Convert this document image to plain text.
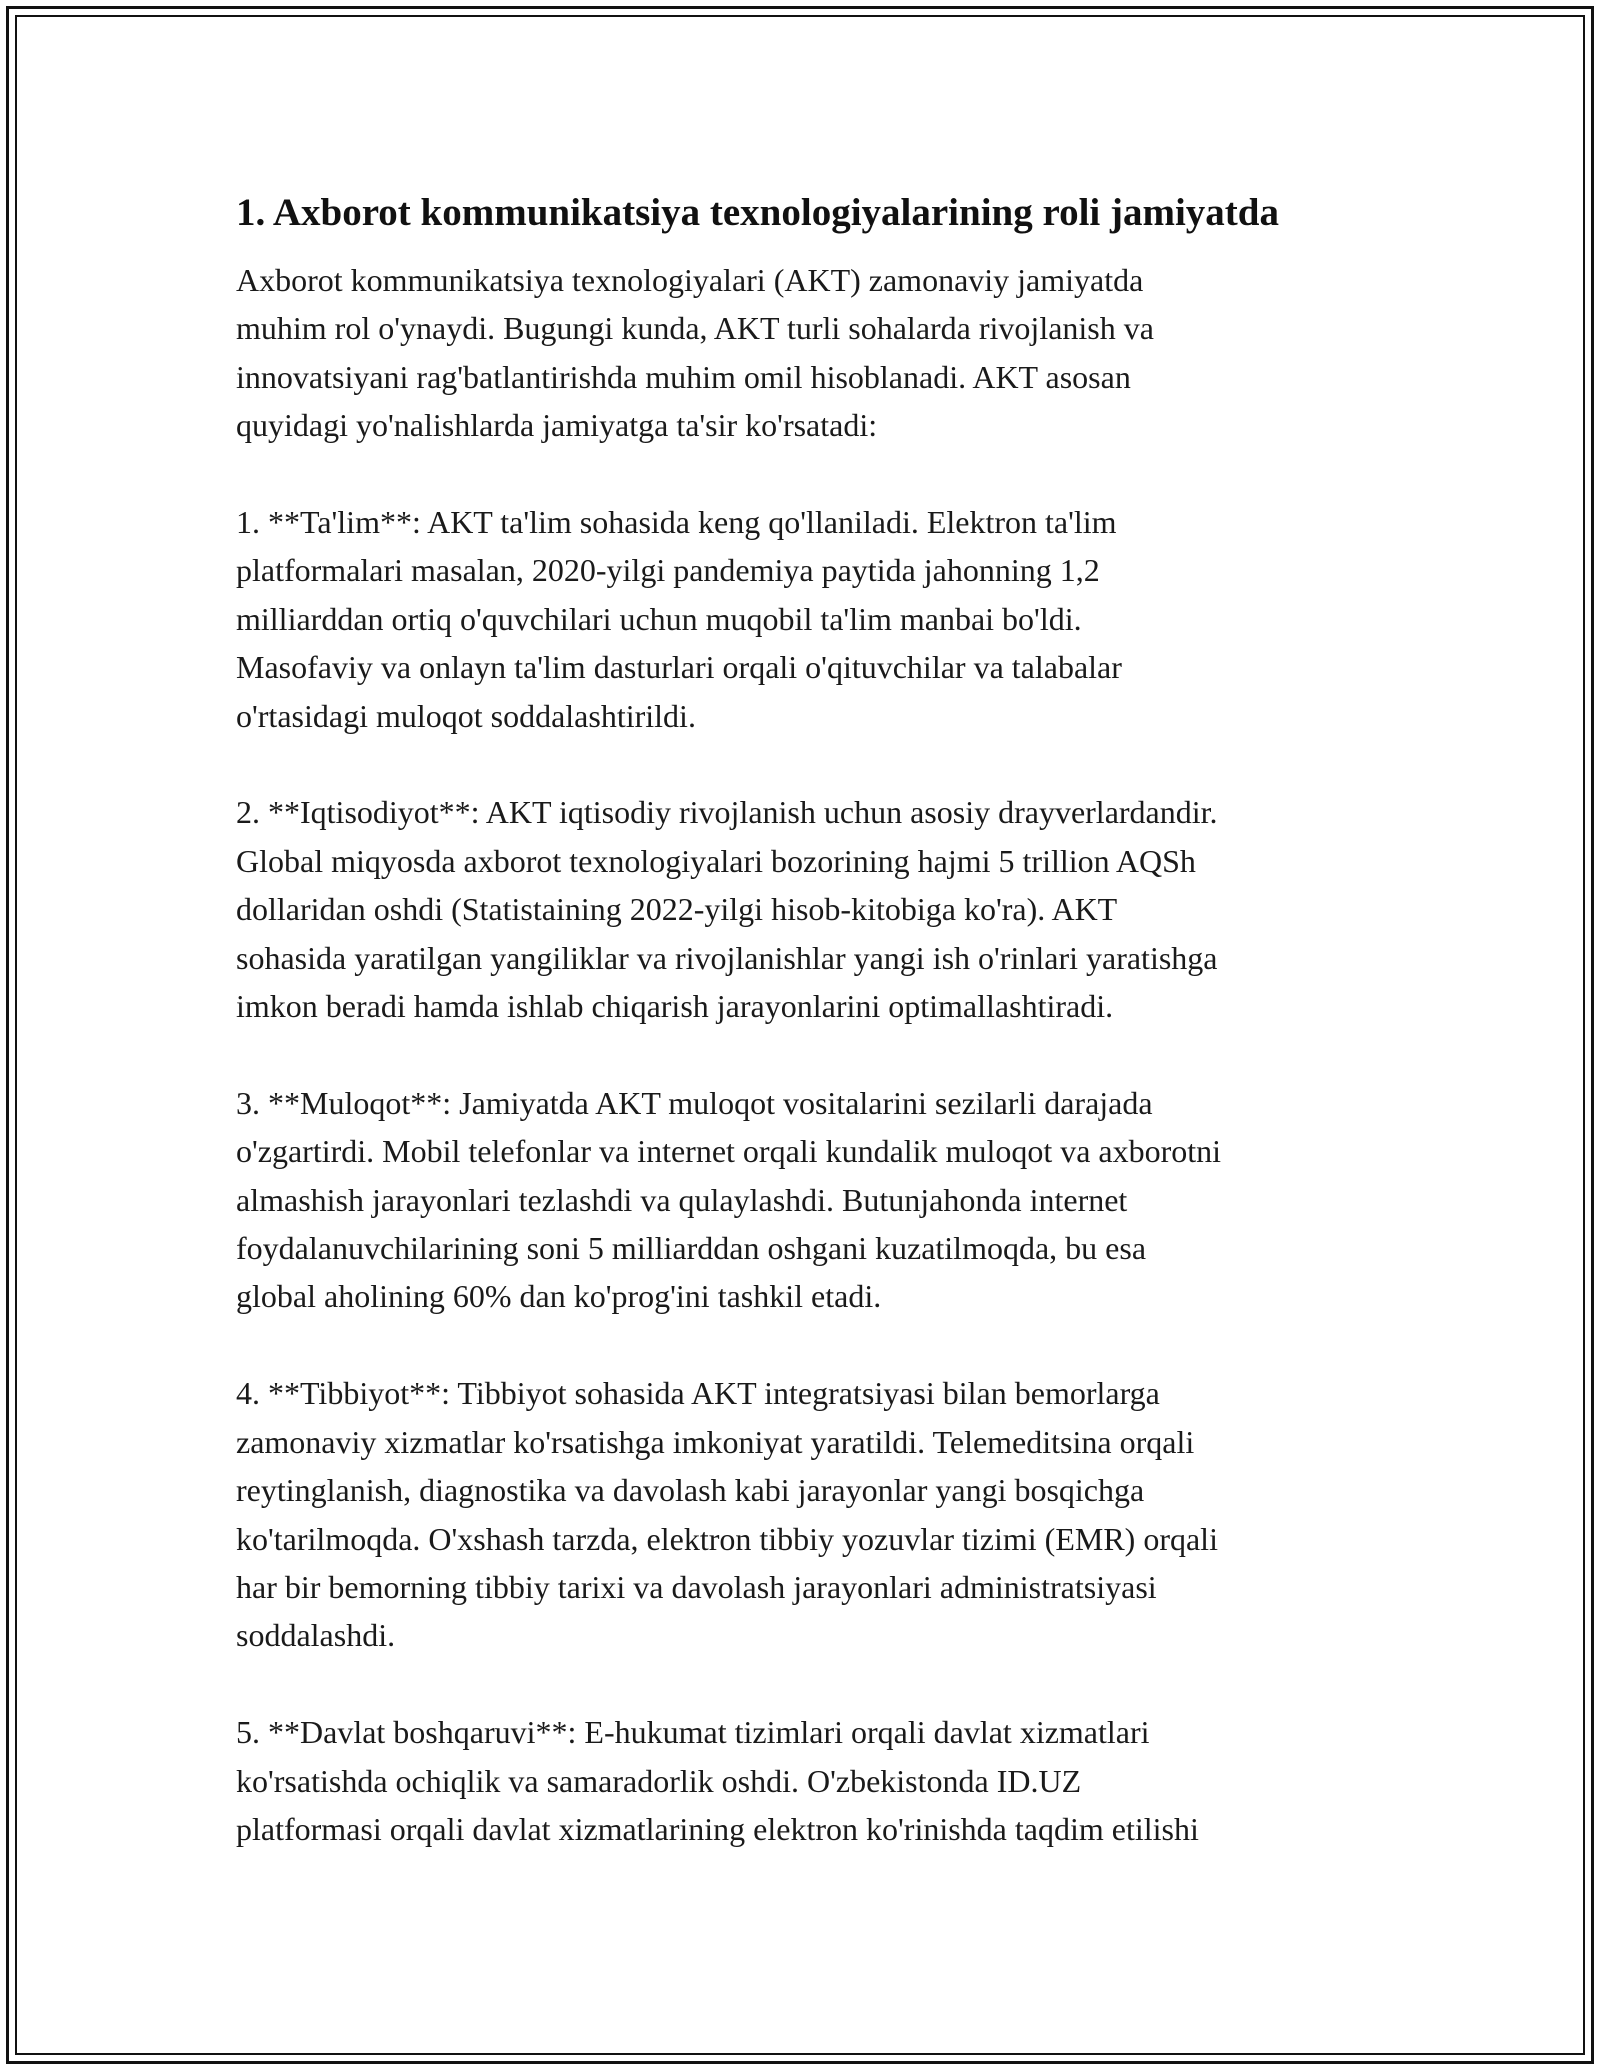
1. Axborot kommunikatsiya texnologiyalarining roli jamiyatda

Axborot kommunikatsiya texnologiyalari (AKT) zamonaviy jamiyatda
muhim rol o'ynaydi. Bugungi kunda, AKT turli sohalarda rivojlanish va
innovatsiyani rag'batlantirishda muhim omil hisoblanadi. AKT asosan
quyidagi yo'nalishlarda jamiyatga ta'sir ko'rsatadi:

1. **Ta'lim**: AKT ta'lim sohasida keng qo'llaniladi. Elektron ta'lim
platformalari masalan, 2020-yilgi pandemiya paytida jahonning 1,2
milliarddan ortiq o'quvchilari uchun muqobil ta'lim manbai bo'ldi.
Masofaviy va onlayn ta'lim dasturlari orqali o'qituvchilar va talabalar
o'rtasidagi muloqot soddalashtirildi.

2. **Iqtisodiyot**: AKT iqtisodiy rivojlanish uchun asosiy drayverlardandir.
Global miqyosda axborot texnologiyalari bozorining hajmi 5 trillion AQSh
dollaridan oshdi (Statistaining 2022-yilgi hisob-kitobiga ko'ra). AKT
sohasida yaratilgan yangiliklar va rivojlanishlar yangi ish o'rinlari yaratishga
imkon beradi hamda ishlab chiqarish jarayonlarini optimallashtiradi.

3. **Muloqot**: Jamiyatda AKT muloqot vositalarini sezilarli darajada
o'zgartirdi. Mobil telefonlar va internet orqali kundalik muloqot va axborotni
almashish jarayonlari tezlashdi va qulaylashdi. Butunjahonda internet
foydalanuvchilarining soni 5 milliarddan oshgani kuzatilmoqda, bu esa
global aholining 60% dan ko'prog'ini tashkil etadi.

4. **Tibbiyot**: Tibbiyot sohasida AKT integratsiyasi bilan bemorlarga
zamonaviy xizmatlar ko'rsatishga imkoniyat yaratildi. Telemeditsina orqali
reytinglanish, diagnostika va davolash kabi jarayonlar yangi bosqichga
ko'tarilmoqda. O'xshash tarzda, elektron tibbiy yozuvlar tizimi (EMR) orqali
har bir bemorning tibbiy tarixi va davolash jarayonlari administratsiyasi
soddalashdi.

5. **Davlat boshqaruvi**: E-hukumat tizimlari orqali davlat xizmatlari
ko'rsatishda ochiqlik va samaradorlik oshdi. O'zbekistonda ID.UZ
platformasi orqali davlat xizmatlarining elektron ko'rinishda taqdim etilishi
